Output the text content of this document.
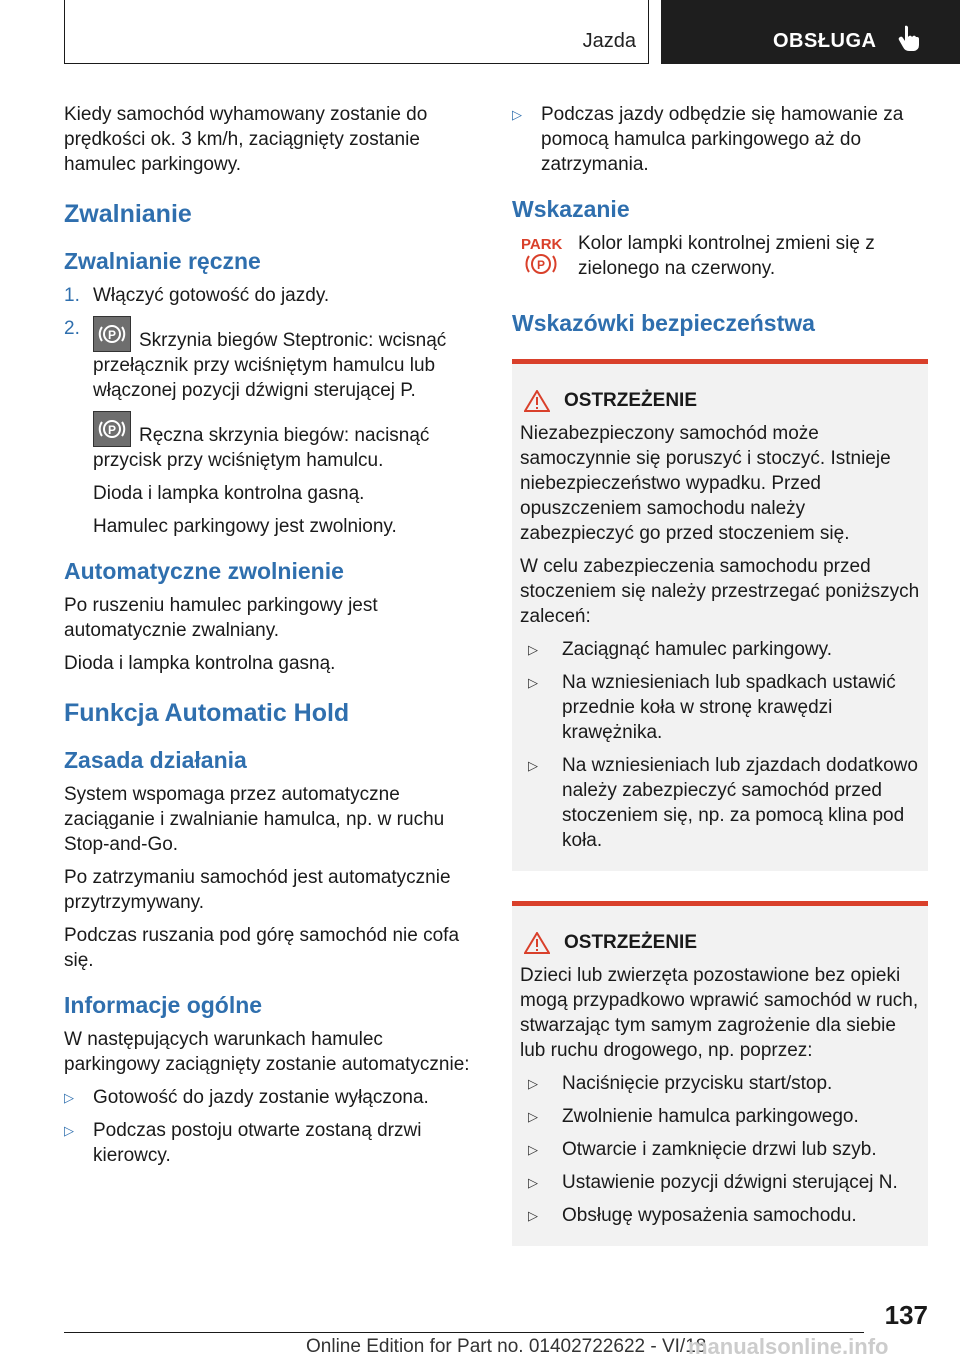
Jazda	OBSŁUGA

Kiedy samochód wyhamowany zostanie do prędkości ok. 3 km/h, zaciągnięty zostanie hamulec parkingowy.

Zwalnianie
Zwalnianie ręczne
1. Włączyć gotowość do jazdy.
2.	P Skrzynia biegów Steptronic: wcisnąć przełącznik przy wciśniętym hamulcu lub włączonej pozycji dźwigni sterującej P.

P Ręczna skrzynia biegów: nacisnąć przycisk przy wciśniętym hamulcu.

Dioda i lampka kontrolna gasną.

Hamulec parkingowy jest zwolniony.

Automatyczne zwolnienie

Po ruszeniu hamulec parkingowy jest automatycznie zwalniany.

Dioda i lampka kontrolna gasną.

Funkcja Automatic Hold
Zasada działania

System wspomaga przez automatyczne zaciąganie i zwalnianie hamulca, np. w ruchu Stop-and-Go.

Po zatrzymaniu samochód jest automatycznie przytrzymywany.

Podczas ruszania pod górę samochód nie cofa się.

Informacje ogólne

W następujących warunkach hamulec parkingowy zaciągnięty zostanie automatycznie:

▷	Gotowość do jazdy zostanie wyłączona.
▷	Podczas postoju otwarte zostaną drzwi kierowcy.
▷	Podczas jazdy odbędzie się hamowanie za pomocą hamulca parkingowego aż do zatrzymania.
Wskazanie
PARK
P
Kolor lampki kontrolnej zmieni się z zielonego na czerwony.
Wskazówki bezpieczeństwa
OSTRZEŻENIE

Niezabezpieczony samochód może samoczynnie się poruszyć i stoczyć. Istnieje niebezpieczeństwo wypadku. Przed opuszczeniem samochodu należy zabezpieczyć go przed stoczeniem się.

W celu zabezpieczenia samochodu przed stoczeniem się należy przestrzegać poniższych zaleceń:

▷	Zaciągnąć hamulec parkingowy.
▷	Na wzniesieniach lub spadkach ustawić przednie koła w stronę krawędzi krawężnika.
▷	Na wzniesieniach lub zjazdach dodatkowo należy zabezpieczyć samochód przed stoczeniem się, np. za pomocą klina pod koła.
OSTRZEŻENIE

Dzieci lub zwierzęta pozostawione bez opieki mogą przypadkowo wprawić samochód w ruch, stwarzając tym samym zagrożenie dla siebie lub ruchu drogowego, np. poprzez:

▷	Naciśnięcie przycisku start/stop.
▷	Zwolnienie hamulca parkingowego.
▷	Otwarcie i zamknięcie drzwi lub szyb.
▷	Ustawienie pozycji dźwigni sterującej N.
▷	Obsługę wyposażenia samochodu.
137
Online Edition for Part no. 01402722622 - VI/18
manualsonline.info
